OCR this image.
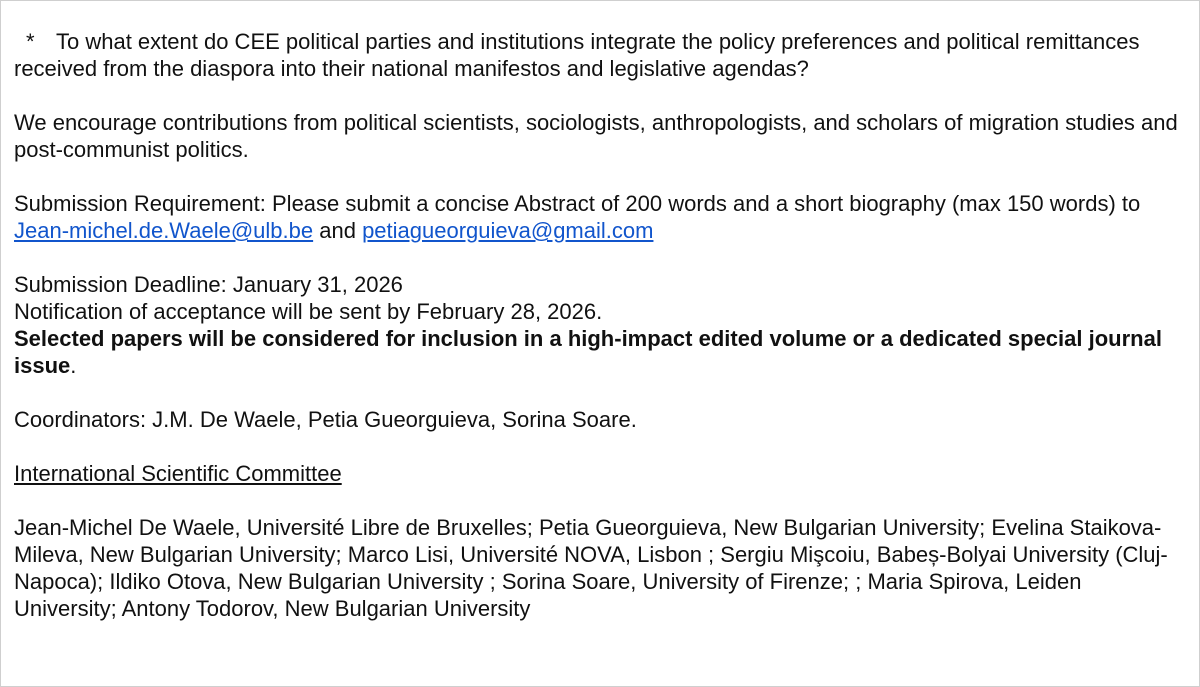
* To what extent do CEE political parties and institutions integrate the policy preferences and political remittances received from the diaspora into their national manifestos and legislative agendas?

We encourage contributions from political scientists, sociologists, anthropologists, and scholars of migration studies and post-communist politics.

Submission Requirement: Please submit a concise Abstract of 200 words and a short biography (max 150 words) to Jean-michel.de.Waele@ulb.be and petiagueorguieva@gmail.com

Submission Deadline: January 31, 2026

Notification of acceptance will be sent by February 28, 2026.

Selected papers will be considered for inclusion in a high-impact edited volume or a dedicated special journal issue.

Coordinators: J.M. De Waele, Petia Gueorguieva, Sorina Soare.

International Scientific Committee

Jean-Michel De Waele, Université Libre de Bruxelles; Petia Gueorguieva, New Bulgarian University; Evelina Staikova-Mileva, New Bulgarian University; Marco Lisi, Université NOVA, Lisbon ; Sergiu Mişcoiu, Babeș-Bolyai University (Cluj-Napoca); Ildiko Otova, New Bulgarian University ; Sorina Soare, University of Firenze; ; Maria Spirova, Leiden University; Antony Todorov, New Bulgarian University
